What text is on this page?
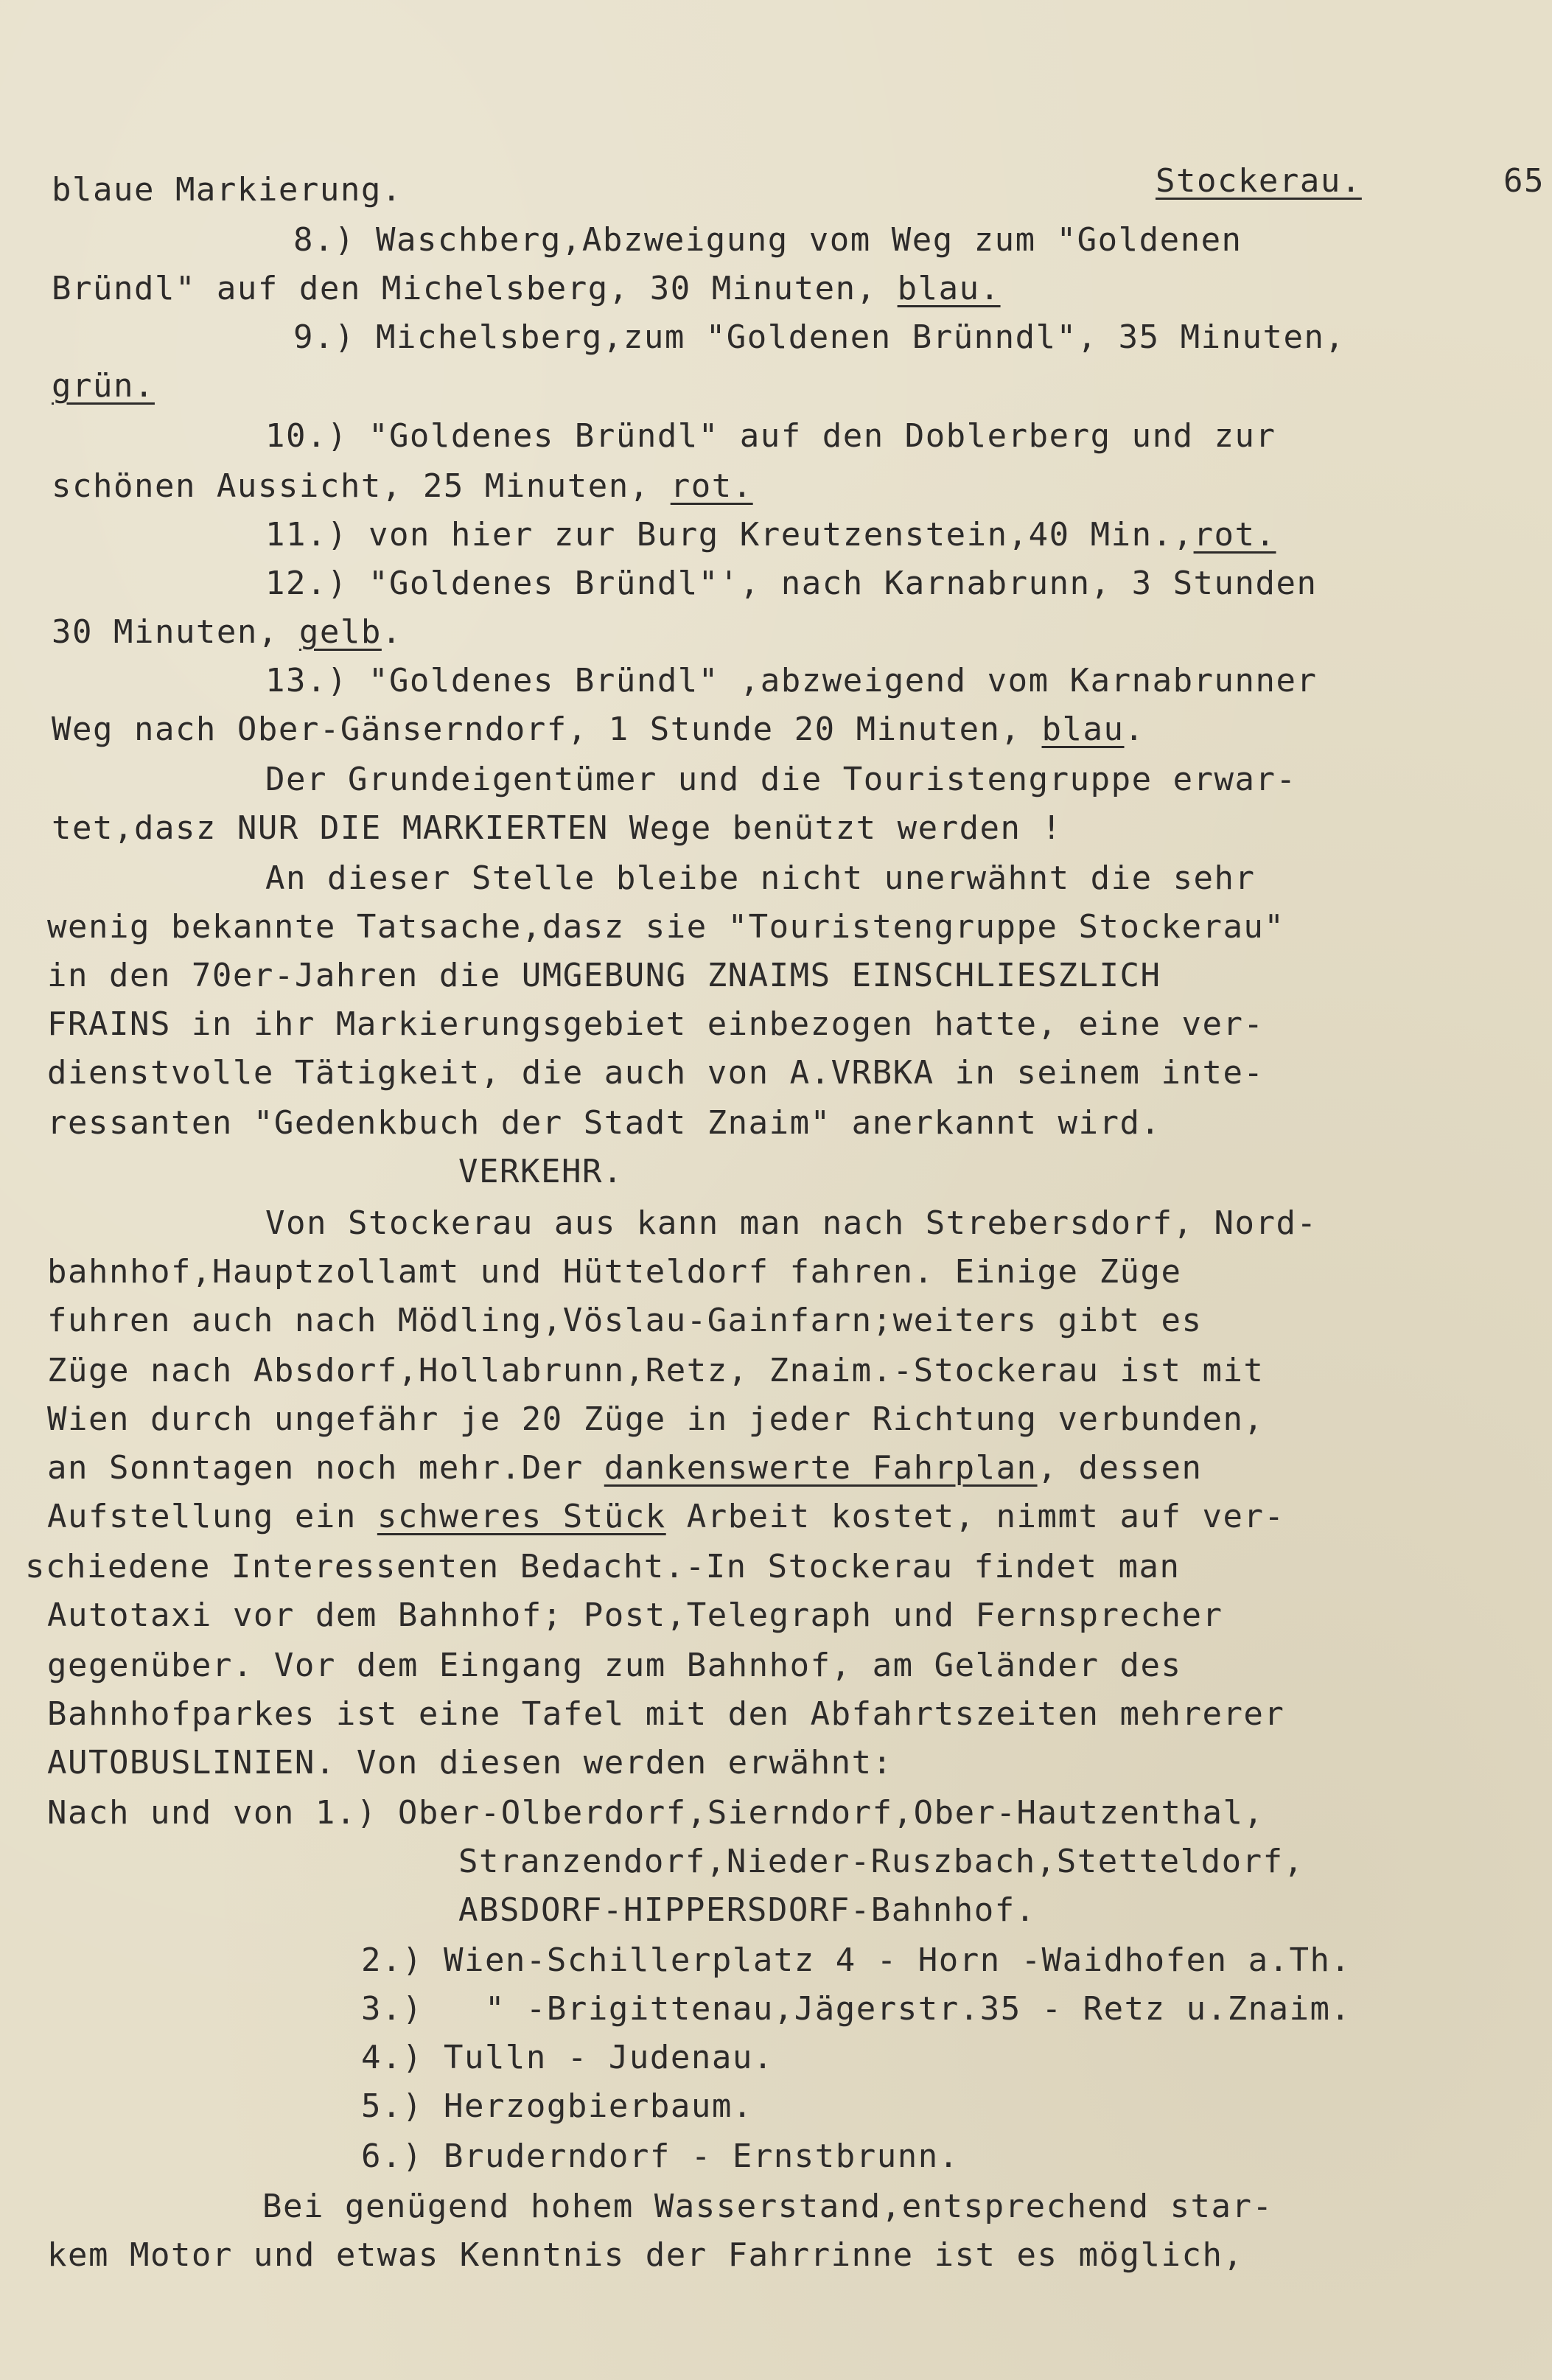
Stockerau.
	65

blaue Markierung.
8.) Waschberg,Abzweigung vom Weg zum "Goldenen
Bründl" auf den Michelsberg, 30 Minuten, blau.
9.) Michelsberg,zum "Goldenen Brünndl", 35 Minuten,
grün.
10.) "Goldenes Bründl" auf den Doblerberg und zur
schönen Aussicht, 25 Minuten, rot.
11.) von hier zur Burg Kreutzenstein,40 Min.,rot.
12.) "Goldenes Bründl"', nach Karnabrunn, 3 Stunden
30 Minuten, gelb.
13.) "Goldenes Bründl" ,abzweigend vom Karnabrunner
Weg nach Ober-Gänserndorf, 1 Stunde 20 Minuten, blau.
Der Grundeigentümer und die Touristengruppe erwar-
tet,dasz NUR DIE MARKIERTEN Wege benützt werden !
An dieser Stelle bleibe nicht unerwähnt die sehr
wenig bekannte Tatsache,dasz sie "Touristengruppe Stockerau"
in den 70er-Jahren die UMGEBUNG ZNAIMS EINSCHLIESZLICH
FRAINS in ihr Markierungsgebiet einbezogen hatte, eine ver-
dienstvolle Tätigkeit, die auch von A.VRBKA in seinem inte-
ressanten "Gedenkbuch der Stadt Znaim" anerkannt wird.
VERKEHR.
Von Stockerau aus kann man nach Strebersdorf, Nord-
bahnhof,Hauptzollamt und Hütteldorf fahren. Einige Züge
fuhren auch nach Mödling,Vöslau-Gainfarn;weiters gibt es
Züge nach Absdorf,Hollabrunn,Retz, Znaim.-Stockerau ist mit
Wien durch ungefähr je 20 Züge in jeder Richtung verbunden,
an Sonntagen noch mehr.Der dankenswerte Fahrplan, dessen
Aufstellung ein schweres Stück Arbeit kostet, nimmt auf ver-
schiedene Interessenten Bedacht.-In Stockerau findet man
Autotaxi vor dem Bahnhof; Post,Telegraph und Fernsprecher
gegenüber. Vor dem Eingang zum Bahnhof, am Geländer des
Bahnhofparkes ist eine Tafel mit den Abfahrtszeiten mehrerer
AUTOBUSLINIEN. Von diesen werden erwähnt:
Nach und von 1.) Ober-Olberdorf,Sierndorf,Ober-Hautzenthal,
Stranzendorf,Nieder-Ruszbach,Stetteldorf,
ABSDORF-HIPPERSDORF-Bahnhof.
2.) Wien-Schillerplatz 4 - Horn -Waidhofen a.Th.
3.)   " -Brigittenau,Jägerstr.35 - Retz u.Znaim.
4.) Tulln - Judenau.
5.) Herzogbierbaum.
6.) Bruderndorf - Ernstbrunn.
Bei genügend hohem Wasserstand,entsprechend star-
kem Motor und etwas Kenntnis der Fahrrinne ist es möglich,
